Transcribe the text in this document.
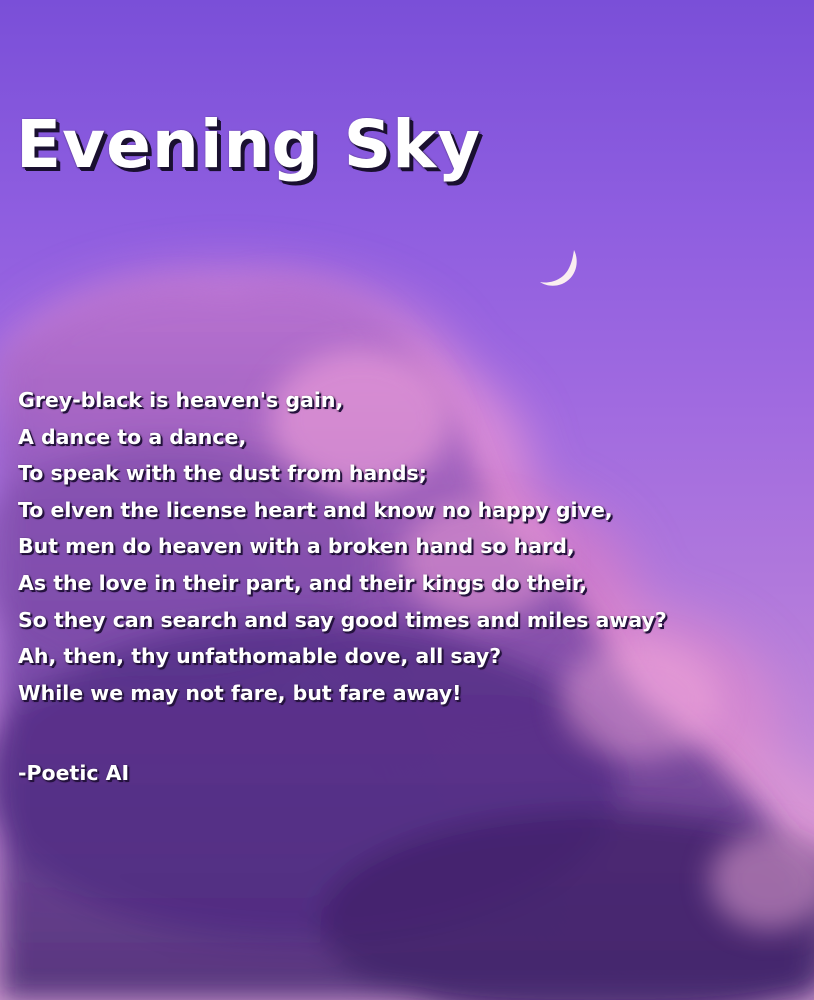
Evening Sky
Grey-black is heaven's gain,
A dance to a dance,
To speak with the dust from hands;
To elven the license heart and know no happy give,
But men do heaven with a broken hand so hard,
As the love in their part, and their kings do their,
So they can search and say good times and miles away?
Ah, then, thy unfathomable dove, all say?
While we may not fare, but fare away!
-Poetic AI
